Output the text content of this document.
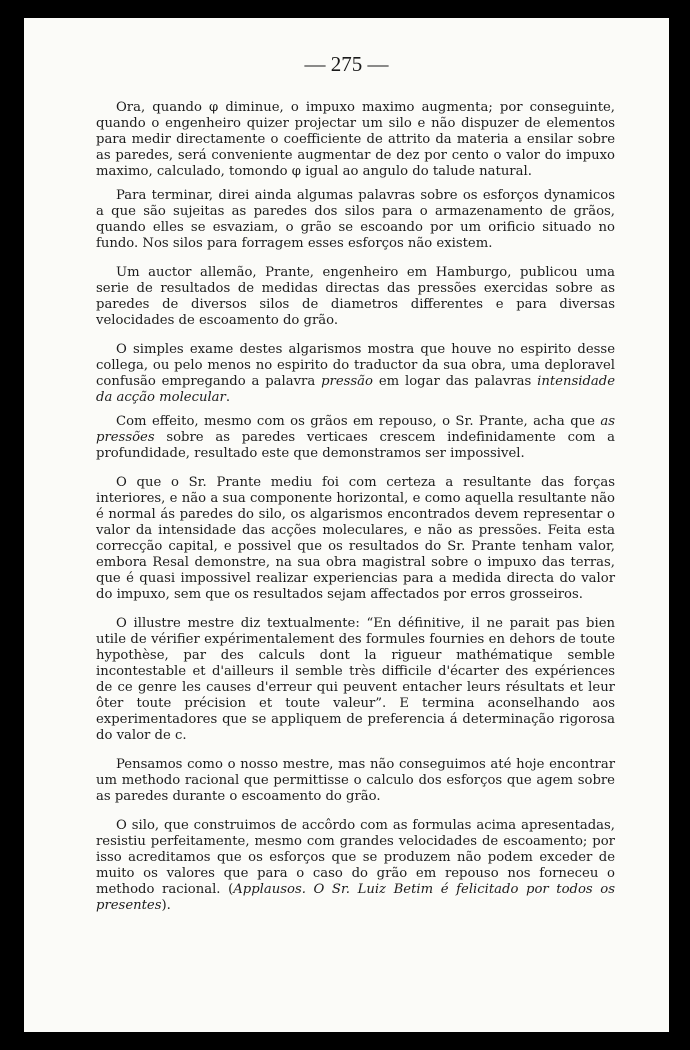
— 275 —

Ora, quando φ diminue, o impuxo maximo augmenta; por conseguinte, quando o engenheiro quizer projectar um silo e não dispuzer de elementos para medir directamente o coefficiente de attrito da materia a ensilar sobre as paredes, será conveniente augmentar de dez por cento o valor do impuxo maximo, calculado, tomondo φ igual ao angulo do talude natural.

Para terminar, direi ainda algumas palavras sobre os esforços dynamicos a que são sujeitas as paredes dos silos para o armazenamento de grãos, quando elles se esvaziam, o grão se escoando por um orificio situado no fundo. Nos silos para forragem esses esforços não existem.

Um auctor allemão, Prante, engenheiro em Hamburgo, publicou uma serie de resultados de medidas directas das pressões exercidas sobre as paredes de diversos silos de diametros differentes e para diversas velocidades de escoamento do grão.

O simples exame destes algarismos mostra que houve no espirito desse collega, ou pelo menos no espirito do traductor da sua obra, uma deploravel confusão empregando a palavra pressão em logar das palavras intensidade da acção molecular.

Com effeito, mesmo com os grãos em repouso, o Sr. Prante, acha que as pressões sobre as paredes verticaes crescem indefinidamente com a profundidade, resultado este que demonstramos ser impossivel.

O que o Sr. Prante mediu foi com certeza a resultante das forças interiores, e não a sua componente horizontal, e como aquella resultante não é normal ás paredes do silo, os algarismos encontrados devem representar o valor da intensidade das acções moleculares, e não as pressões. Feita esta correcção capital, e possivel que os resultados do Sr. Prante tenham valor, embora Resal demonstre, na sua obra magistral sobre o impuxo das terras, que é quasi impossivel realizar experiencias para a medida directa do valor do impuxo, sem que os resultados sejam affectados por erros grosseiros.

O illustre mestre diz textualmente: “En définitive, il ne parait pas bien utile de vérifier expérimentalement des formules fournies en dehors de toute hypothèse, par des calculs dont la rigueur mathématique semble incontestable et d'ailleurs il semble très difficile d'écarter des expériences de ce genre les causes d'erreur qui peuvent entacher leurs résultats et leur ôter toute précision et toute valeur”. E termina aconselhando aos experimentadores que se appliquem de preferencia á determinação rigorosa do valor de c.

Pensamos como o nosso mestre, mas não conseguimos até hoje encontrar um methodo racional que permittisse o calculo dos esforços que agem sobre as paredes durante o escoamento do grão.

O silo, que construimos de accôrdo com as formulas acima apresentadas, resistiu perfeitamente, mesmo com grandes velocidades de escoamento; por isso acreditamos que os esforços que se produzem não podem exceder de muito os valores que para o caso do grão em repouso nos forneceu o methodo racional. (Applausos. O Sr. Luiz Betim é felicitado por todos os presentes).
